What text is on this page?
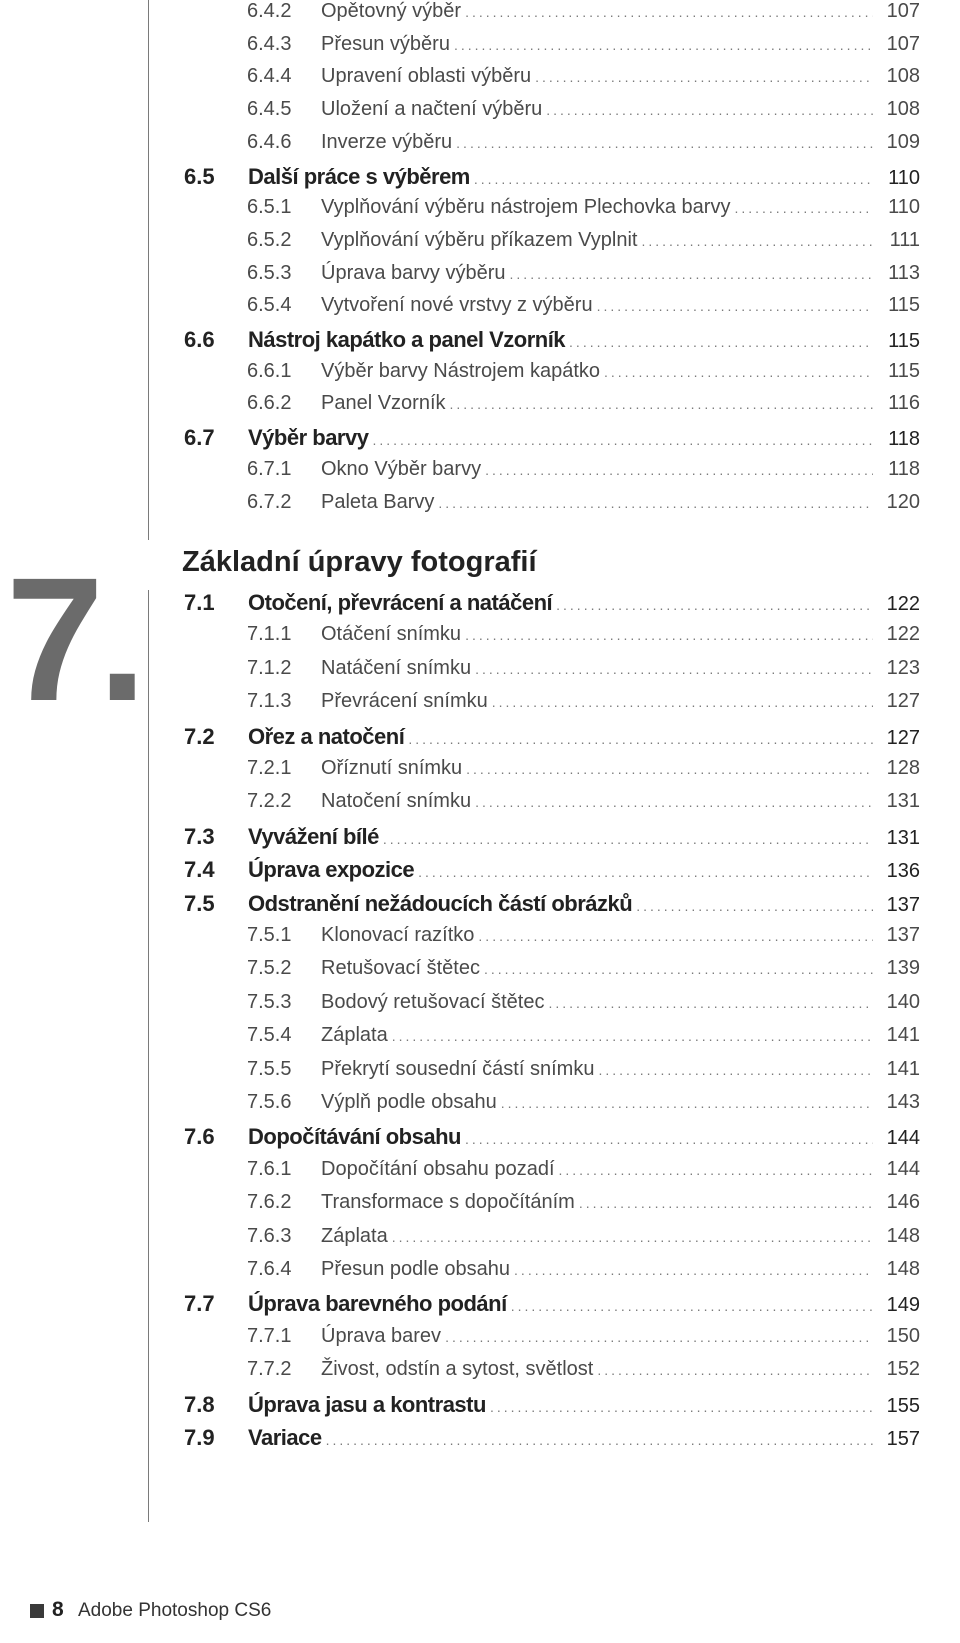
7. Základní úpravy fotografií
6.4.2	Opětovný výběr .....	107
6.4.3	Přesun výběru .....	107
6.4.4	Upravení oblasti výběru .....	108
6.4.5	Uložení a načtení výběru .....	108
6.4.6	Inverze výběru .....	109
6.5	Další práce s výběrem .....	110
6.5.1	Vyplňování výběru nástrojem Plechovka barvy .....	110
6.5.2	Vyplňování výběru příkazem Vyplnit .....	111
6.5.3	Úprava barvy výběru .....	113
6.5.4	Vytvoření nové vrstvy z výběru .....	115
6.6	Nástroj kapátko a panel Vzorník .....	115
6.6.1	Výběr barvy Nástrojem kapátko .....	115
6.6.2	Panel Vzorník .....	116
6.7	Výběr barvy .....	118
6.7.1	Okno Výběr barvy .....	118
6.7.2	Paleta Barvy .....	120
7.1	Otočení, převrácení a natáčení .....	122
7.1.1	Otáčení snímku .....	122
7.1.2	Natáčení snímku .....	123
7.1.3	Převrácení snímku .....	127
7.2	Ořez a natočení .....	127
7.2.1	Oříznutí snímku .....	128
7.2.2	Natočení snímku .....	131
7.3	Vyvážení bílé .....	131
7.4	Úprava expozice .....	136
7.5	Odstranění nežádoucích částí obrázků .....	137
7.5.1	Klonovací razítko .....	137
7.5.2	Retušovací štětec .....	139
7.5.3	Bodový retušovací štětec .....	140
7.5.4	Záplata .....	141
7.5.5	Překrytí sousední částí snímku .....	141
7.5.6	Výplň podle obsahu .....	143
7.6	Dopočítávání obsahu .....	144
7.6.1	Dopočítání obsahu pozadí .....	144
7.6.2	Transformace s dopočítáním .....	146
7.6.3	Záplata .....	148
7.6.4	Přesun podle obsahu .....	148
7.7	Úprava barevného podání .....	149
7.7.1	Úprava barev .....	150
7.7.2	Živost, odstín a sytost, světlost .....	152
7.8	Úprava jasu a kontrastu .....	155
7.9	Variace .....	157
8 Adobe Photoshop CS6
